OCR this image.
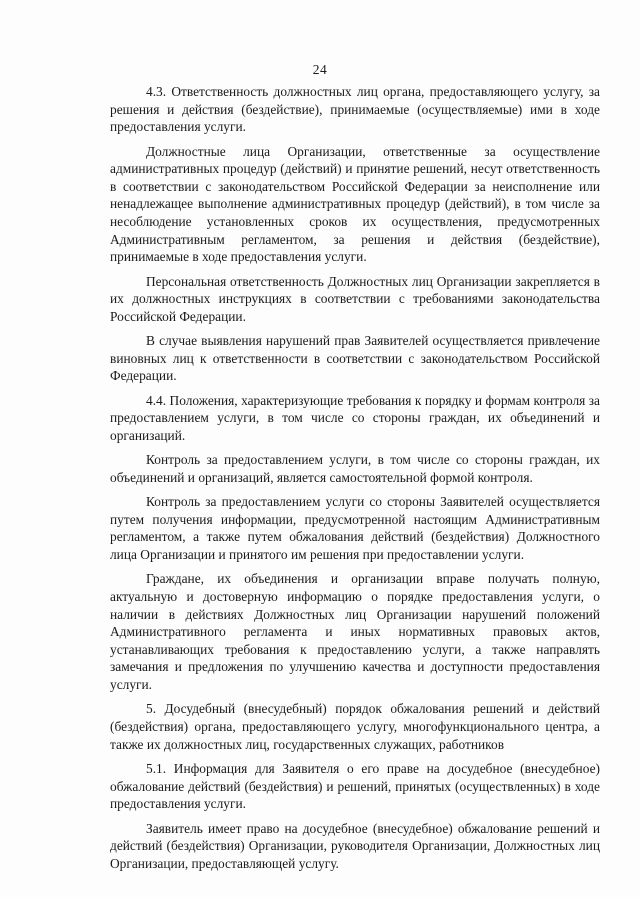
24

4.3. Ответственность должностных лиц органа, предоставляющего услугу, за решения и действия (бездействие), принимаемые (осуществляемые) ими в ходе предоставления услуги.

Должностные лица Организации, ответственные за осуществление административных процедур (действий) и принятие решений, несут ответственность в соответствии с законодательством Российской Федерации за неисполнение или ненадлежащее выполнение административных процедур (действий), в том числе за несоблюдение установленных сроков их осуществления, предусмотренных Административным регламентом, за решения и действия (бездействие), принимаемые в ходе предоставления услуги.

Персональная ответственность Должностных лиц Организации закрепляется в их должностных инструкциях в соответствии с требованиями законодательства Российской Федерации.

В случае выявления нарушений прав Заявителей осуществляется привлечение виновных лиц к ответственности в соответствии с законодательством Российской Федерации.

4.4. Положения, характеризующие требования к порядку и формам контроля за предоставлением услуги, в том числе со стороны граждан, их объединений и организаций.

Контроль за предоставлением услуги, в том числе со стороны граждан, их объединений и организаций, является самостоятельной формой контроля.

Контроль за предоставлением услуги со стороны Заявителей осуществляется путем получения информации, предусмотренной настоящим Административным регламентом, а также путем обжалования действий (бездействия) Должностного лица Организации и принятого им решения при предоставлении услуги.

Граждане, их объединения и организации вправе получать полную, актуальную и достоверную информацию о порядке предоставления услуги, о наличии в действиях Должностных лиц Организации нарушений положений Административного регламента и иных нормативных правовых актов, устанавливающих требования к предоставлению услуги, а также направлять замечания и предложения по улучшению качества и доступности предоставления услуги.

5. Досудебный (внесудебный) порядок обжалования решений и действий (бездействия) органа, предоставляющего услугу, многофункционального центра, а также их должностных лиц, государственных служащих, работников

5.1. Информация для Заявителя о его праве на досудебное (внесудебное) обжалование действий (бездействия) и решений, принятых (осуществленных) в ходе предоставления услуги.

Заявитель имеет право на досудебное (внесудебное) обжалование решений и действий (бездействия) Организации, руководителя Организации, Должностных лиц Организации, предоставляющей услугу.
